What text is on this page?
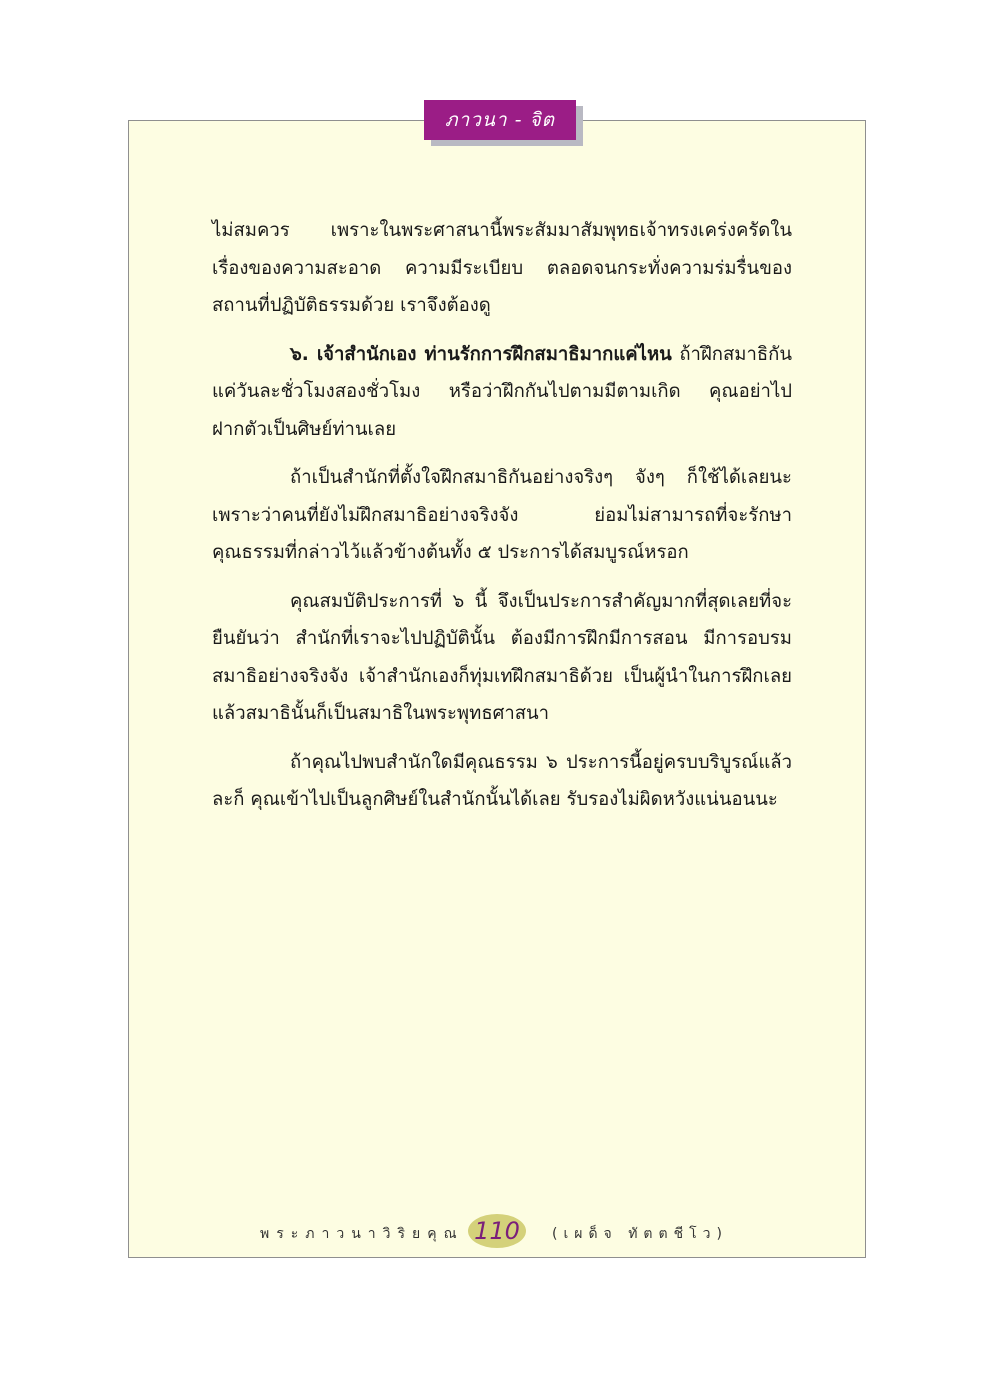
ภาวนา - จิต

ไม่สมควร เพราะในพระศาสนานี้พระสัมมาสัมพุทธเจ้าทรงเคร่งครัดในเรื่องของความสะอาด ความมีระเบียบ ตลอดจนกระทั่งความร่มรื่นของสถานที่ปฏิบัติธรรมด้วย เราจึงต้องดู

๖. เจ้าสำนักเอง ท่านรักการฝึกสมาธิมากแค่ไหน ถ้าฝึกสมาธิกันแค่วันละชั่วโมงสองชั่วโมง หรือว่าฝึกกันไปตามมีตามเกิด คุณอย่าไปฝากตัวเป็นศิษย์ท่านเลย

ถ้าเป็นสำนักที่ตั้งใจฝึกสมาธิกันอย่างจริงๆ จังๆ ก็ใช้ได้เลยนะ เพราะว่าคนที่ยังไม่ฝึกสมาธิอย่างจริงจัง ย่อมไม่สามารถที่จะรักษาคุณธรรมที่กล่าวไว้แล้วข้างต้นทั้ง ๕ ประการได้สมบูรณ์หรอก

คุณสมบัติประการที่ ๖ นี้ จึงเป็นประการสำคัญมากที่สุดเลยที่จะยืนยันว่า สำนักที่เราจะไปปฏิบัตินั้น ต้องมีการฝึกมีการสอน มีการอบรมสมาธิอย่างจริงจัง เจ้าสำนักเองก็ทุ่มเทฝึกสมาธิด้วย เป็นผู้นำในการฝึกเลย แล้วสมาธินั้นก็เป็นสมาธิในพระพุทธศาสนา

ถ้าคุณไปพบสำนักใดมีคุณธรรม ๖ ประการนี้อยู่ครบบริบูรณ์แล้วละก็ คุณเข้าไปเป็นลูกศิษย์ในสำนักนั้นได้เลย รับรองไม่ผิดหวังแน่นอนนะ

พระภาวนาวิริยคุณ 110	(เผด็จ ทัตตชีโว)
